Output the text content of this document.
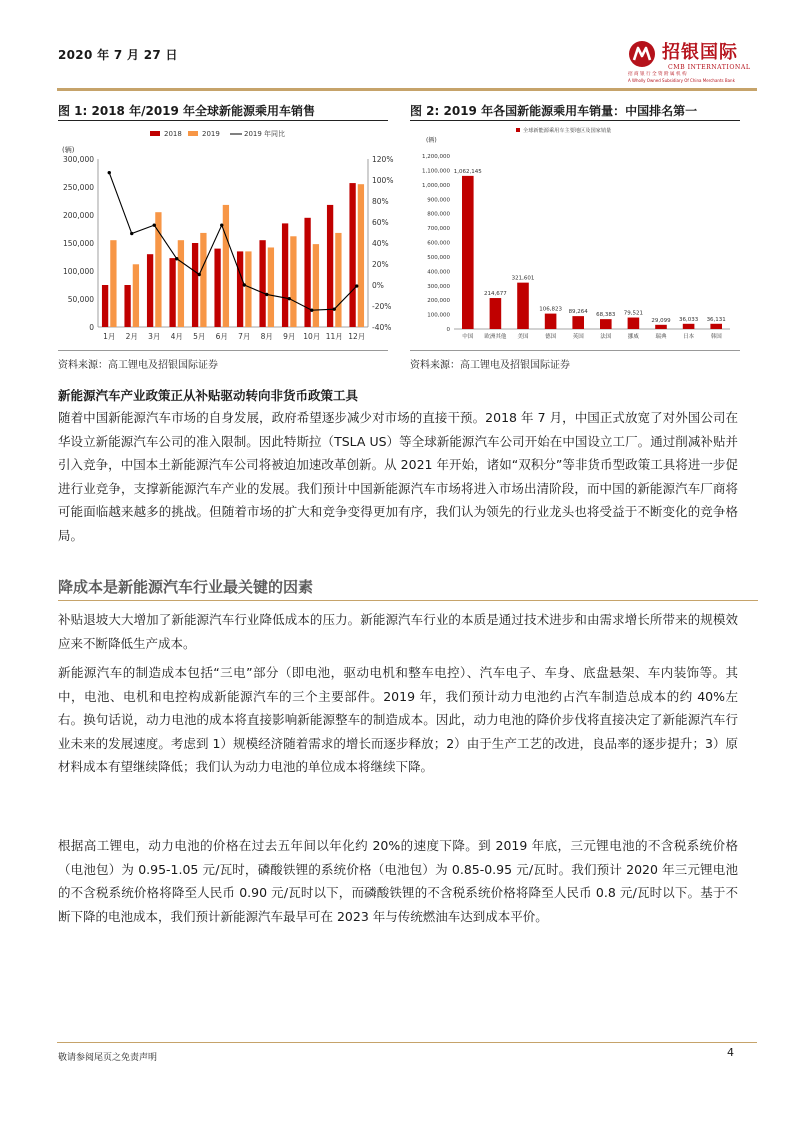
2020 年 7 月 27 日	招银国际
CMB INTERNATIONAL
招商银行全资附属机构
A Wholly Owned Subsidiary Of China Merchants Bank
图 1: 2018 年/2019 年全球新能源乘用车销售
(辆)
2018	2019	2019 年同比
0
50,000
100,000
150,000
200,000
250,000
300,000
-40%
-20%
0%
20%
40%
60%
80%
100%
120%
1月 2月 3月 4月 5月 6月 7月 8月 9月 10月 11月 12月
资料来源：高工锂电及招银国际证券
图 2: 2019 年各国新能源乘用车销量：中国排名第一
(辆)
全球新能源乘用车主要地区及国家销量
0
100,000
200,000
300,000
400,000
500,000
600,000
700,000
800,000
900,000
1,000,000
1,100,000
1,200,000
1,062,145
中国
214,677
欧洲其他
321,601
美国
106,823
德国
89,264
英国
68,383
法国
79,521
挪威
29,099
瑞典
36,033
日本
36,131
韩国
资料来源：高工锂电及招银国际证券
新能源汽车产业政策正从补贴驱动转向非货币政策工具
随着中国新能源汽车市场的自身发展，政府希望逐步减少对市场的直接干预。2018 年 7 月，中国正式放宽了对外国公司在华设立新能源汽车公司的准入限制。因此特斯拉（TSLA US）等全球新能源汽车公司开始在中国设立工厂。通过削减补贴并引入竞争，中国本土新能源汽车公司将被迫加速改革创新。从 2021 年开始，诸如“双积分”等非货币型政策工具将进一步促进行业竞争，支撑新能源汽车产业的发展。我们预计中国新能源汽车市场将进入市场出清阶段，而中国的新能源汽车厂商将可能面临越来越多的挑战。但随着市场的扩大和竞争变得更加有序，我们认为领先的行业龙头也将受益于不断变化的竞争格局。
降成本是新能源汽车行业最关键的因素
补贴退坡大大增加了新能源汽车行业降低成本的压力。新能源汽车行业的本质是通过技术进步和由需求增长所带来的规模效应来不断降低生产成本。
新能源汽车的制造成本包括“三电”部分（即电池，驱动电机和整车电控）、汽车电子、车身、底盘悬架、车内装饰等。其中，电池、电机和电控构成新能源汽车的三个主要部件。2019 年，我们预计动力电池约占汽车制造总成本的约 40%左右。换句话说，动力电池的成本将直接影响新能源整车的制造成本。因此，动力电池的降价步伐将直接决定了新能源汽车行业未来的发展速度。考虑到 1）规模经济随着需求的增长而逐步释放；2）由于生产工艺的改进，良品率的逐步提升；3）原材料成本有望继续降低；我们认为动力电池的单位成本将继续下降。
根据高工锂电，动力电池的价格在过去五年间以年化约 20%的速度下降。到 2019 年底，三元锂电池的不含税系统价格（电池包）为 0.95-1.05 元/瓦时，磷酸铁锂的系统价格（电池包）为 0.85-0.95 元/瓦时。我们预计 2020 年三元锂电池的不含税系统价格将降至人民币 0.90 元/瓦时以下，而磷酸铁锂的不含税系统价格将降至人民币 0.8 元/瓦时以下。基于不断下降的电池成本，我们预计新能源汽车最早可在 2023 年与传统燃油车达到成本平价。
敬请参阅尾页之免责声明	4
